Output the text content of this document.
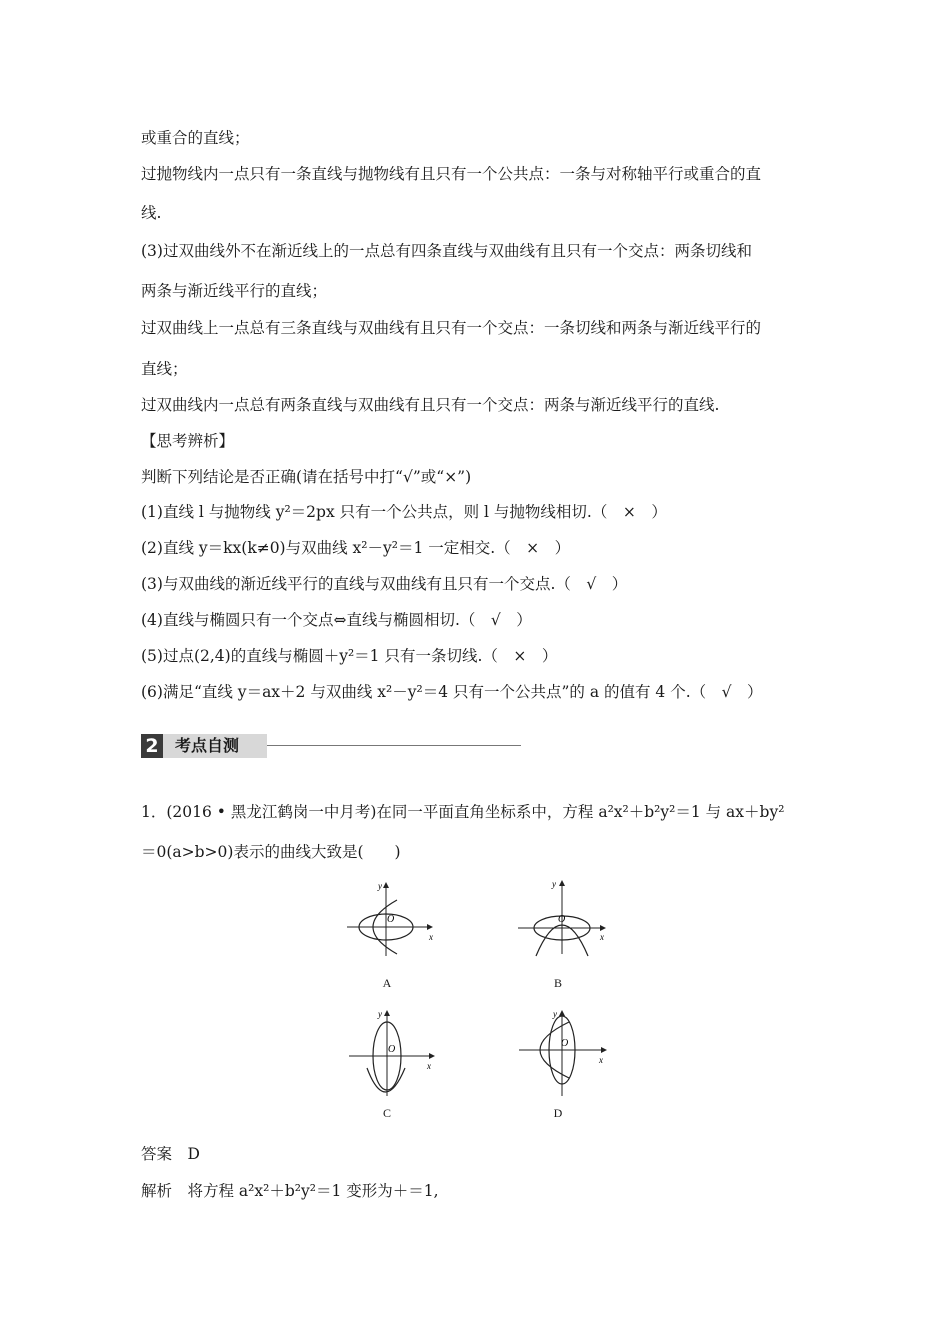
或重合的直线；
过抛物线内一点只有一条直线与抛物线有且只有一个公共点：一条与对称轴平行或重合的直
线.
(3)过双曲线外不在渐近线上的一点总有四条直线与双曲线有且只有一个交点：两条切线和
两条与渐近线平行的直线；
过双曲线上一点总有三条直线与双曲线有且只有一个交点：一条切线和两条与渐近线平行的
直线；
过双曲线内一点总有两条直线与双曲线有且只有一个交点：两条与渐近线平行的直线.
【思考辨析】
判断下列结论是否正确(请在括号中打“√”或“×”)
(1)直线 l 与抛物线 y²＝2px 只有一个公共点，则 l 与抛物线相切.（　×　）
(2)直线 y＝kx(k≠0)与双曲线 x²－y²＝1 一定相交.（　×　）
(3)与双曲线的渐近线平行的直线与双曲线有且只有一个交点.（　√　）
(4)直线与椭圆只有一个交点⇔直线与椭圆相切.（　√　）
(5)过点(2,4)的直线与椭圆＋y²＝1 只有一条切线.（　×　）
(6)满足“直线 y＝ax＋2 与双曲线 x²－y²＝4 只有一个公共点”的 a 的值有 4 个.（　√　）
2	考点自测
1．(2016 • 黑龙江鹤岗一中月考)在同一平面直角坐标系中，方程 a²x²＋b²y²＝1 与 ax＋by²
＝0(a>b>0)表示的曲线大致是(　　)
O
x
y
A
O
x
y
B
O
x
y
C
O
x
y
D
答案　D
解析　将方程 a²x²＋b²y²＝1 变形为＋＝1,
